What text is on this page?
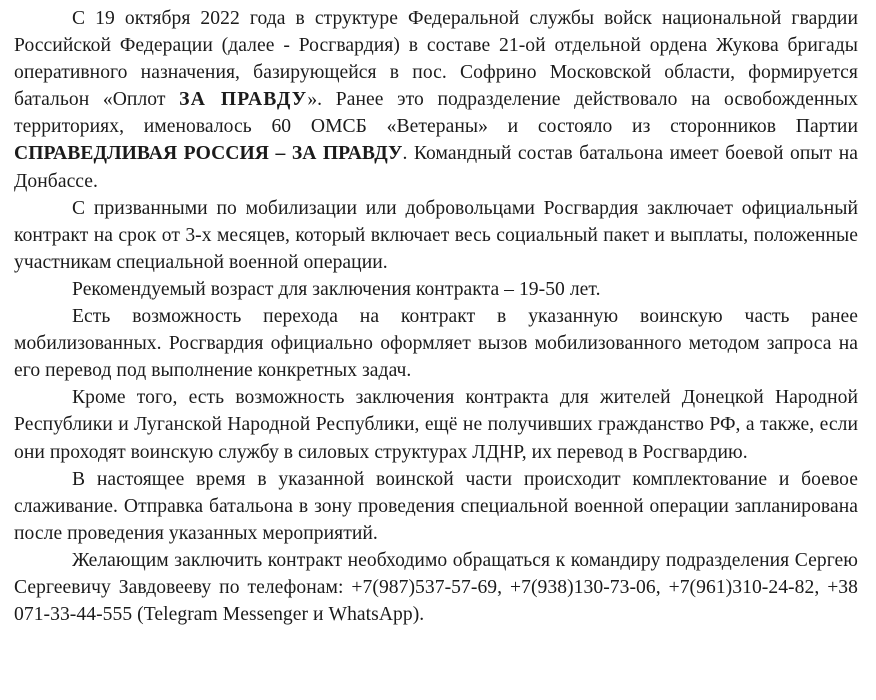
С 19 октября 2022 года в структуре Федеральной службы войск национальной гвардии Российской Федерации (далее - Росгвардия) в составе 21-ой отдельной ордена Жукова бригады оперативного назначения, базирующейся в пос. Софрино Московской области, формируется батальон «Оплот ЗА ПРАВДУ». Ранее это подразделение действовало на освобожденных территориях, именовалось 60 ОМСБ «Ветераны» и состояло из сторонников Партии СПРАВЕДЛИВАЯ РОССИЯ – ЗА ПРАВДУ. Командный состав батальона имеет боевой опыт на Донбассе.

С призванными по мобилизации или добровольцами Росгвардия заключает официальный контракт на срок от 3-х месяцев, который включает весь социальный пакет и выплаты, положенные участникам специальной военной операции.

Рекомендуемый возраст для заключения контракта – 19-50 лет.

Есть возможность перехода на контракт в указанную воинскую часть ранее мобилизованных. Росгвардия официально оформляет вызов мобилизованного методом запроса на его перевод под выполнение конкретных задач.

Кроме того, есть возможность заключения контракта для жителей Донецкой Народной Республики и Луганской Народной Республики, ещё не получивших гражданство РФ, а также, если они проходят воинскую службу в силовых структурах ЛДНР, их перевод в Росгвардию.

В настоящее время в указанной воинской части происходит комплектование и боевое слаживание. Отправка батальона в зону проведения специальной военной операции запланирована после проведения указанных мероприятий.

Желающим заключить контракт необходимо обращаться к командиру подразделения Сергею Сергеевичу Завдовееву по телефонам: +7(987)537-57-69, +7(938)130-73-06, +7(961)310-24-82, +38 071-33-44-555 (Telegram Messenger и WhatsApp).
